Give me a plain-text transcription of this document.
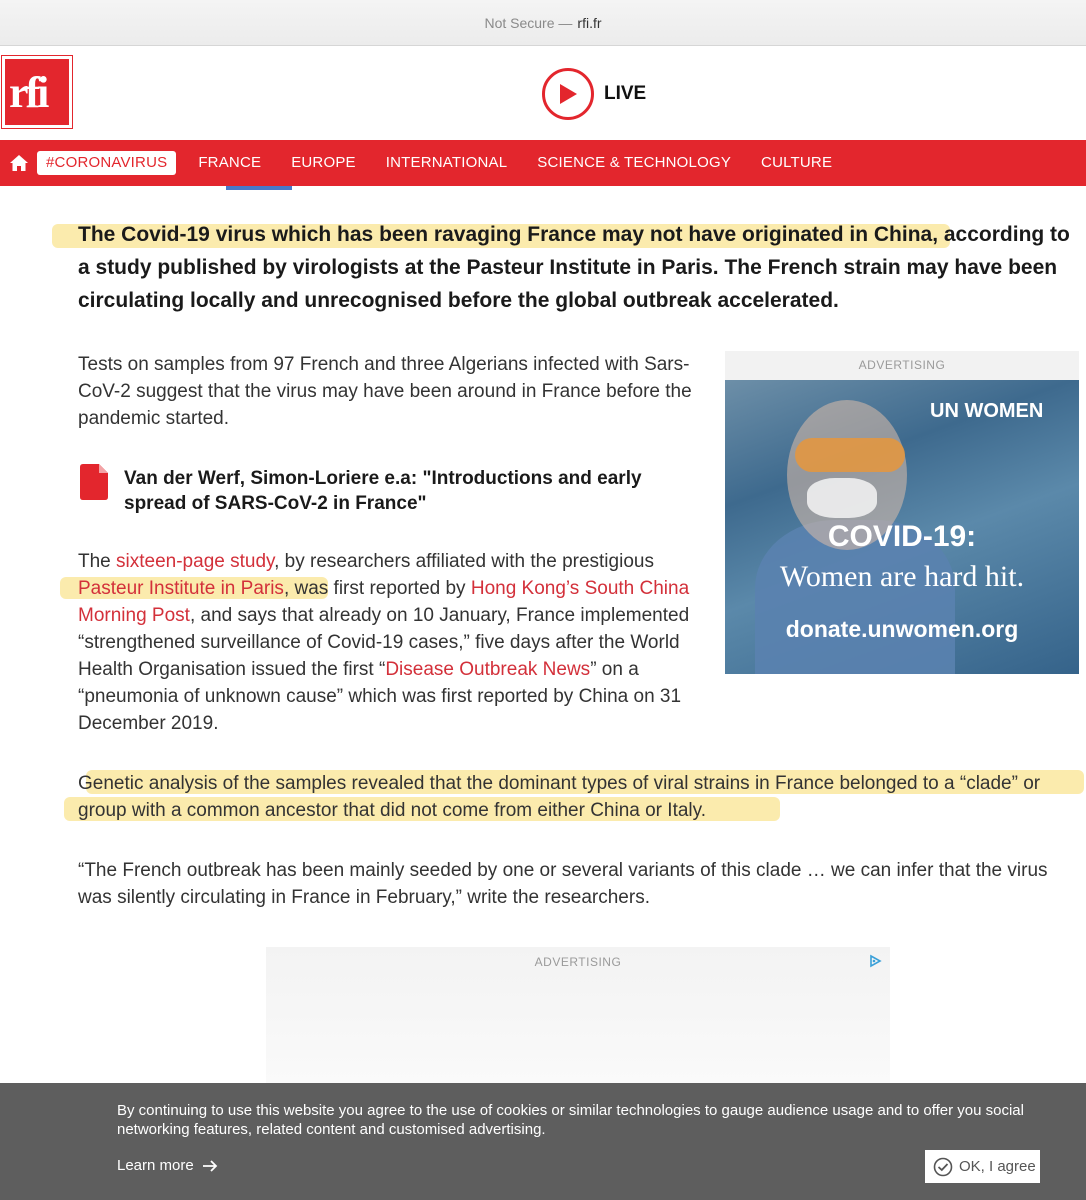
Not Secure — rfi.fr
rfi	LIVE
#CORONAVIRUS	FRANCE	EUROPE	INTERNATIONAL	SCIENCE & TECHNOLOGY	CULTURE

The Covid-19 virus which has been ravaging France may not have originated in China, according to a study published by virologists at the Pasteur Institute in Paris. The French strain may have been circulating locally and unrecognised before the global outbreak accelerated.

Tests on samples from 97 French and three Algerians infected with Sars-CoV-2 suggest that the virus may have been around in France before the pandemic started.

Van der Werf, Simon-Loriere e.a: "Introductions and early spread of SARS-CoV-2 in France"

The sixteen-page study, by researchers affiliated with the prestigious Pasteur Institute in Paris, was first reported by Hong Kong’s South China Morning Post, and says that already on 10 January, France implemented “strengthened surveillance of Covid-19 cases,” five days after the World Health Organisation issued the first “Disease Outbreak News” on a “pneumonia of unknown cause” which was first reported by China on 31 December 2019.

Genetic analysis of the samples revealed that the dominant types of viral strains in France belonged to a “clade” or group with a common ancestor that did not come from either China or Italy.

“The French outbreak has been mainly seeded by one or several variants of this clade … we can infer that the virus was silently circulating in France in February,” write the researchers.

ADVERTISING
UN WOMEN
COVID-19:
Women are hard hit.
donate.unwomen.org
ADVERTISING

By continuing to use this website you agree to the use of cookies or similar technologies to gauge audience usage and to offer you social networking features, related content and customised advertising.

Learn more	OK, I agree
